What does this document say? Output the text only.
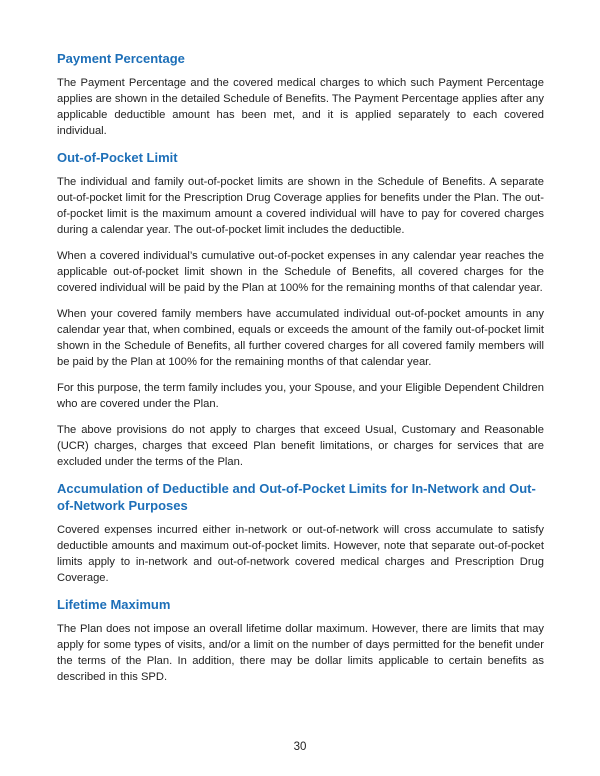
Payment Percentage

The Payment Percentage and the covered medical charges to which such Payment Percentage applies are shown in the detailed Schedule of Benefits. The Payment Percentage applies after any applicable deductible amount has been met, and it is applied separately to each covered individual.

Out-of-Pocket Limit

The individual and family out-of-pocket limits are shown in the Schedule of Benefits. A separate out-of-pocket limit for the Prescription Drug Coverage applies for benefits under the Plan. The out-of-pocket limit is the maximum amount a covered individual will have to pay for covered charges during a calendar year. The out-of-pocket limit includes the deductible.

When a covered individual’s cumulative out-of-pocket expenses in any calendar year reaches the applicable out-of-pocket limit shown in the Schedule of Benefits, all covered charges for the covered individual will be paid by the Plan at 100% for the remaining months of that calendar year.

When your covered family members have accumulated individual out-of-pocket amounts in any calendar year that, when combined, equals or exceeds the amount of the family out-of-pocket limit shown in the Schedule of Benefits, all further covered charges for all covered family members will be paid by the Plan at 100% for the remaining months of that calendar year.

For this purpose, the term family includes you, your Spouse, and your Eligible Dependent Children who are covered under the Plan.

The above provisions do not apply to charges that exceed Usual, Customary and Reasonable (UCR) charges, charges that exceed Plan benefit limitations, or charges for services that are excluded under the terms of the Plan.

Accumulation of Deductible and Out-of-Pocket Limits for In-Network and Out-of-Network Purposes

Covered expenses incurred either in-network or out-of-network will cross accumulate to satisfy deductible amounts and maximum out-of-pocket limits. However, note that separate out-of-pocket limits apply to in-network and out-of-network covered medical charges and Prescription Drug Coverage.

Lifetime Maximum

The Plan does not impose an overall lifetime dollar maximum. However, there are limits that may apply for some types of visits, and/or a limit on the number of days permitted for the benefit under the terms of the Plan. In addition, there may be dollar limits applicable to certain benefits as described in this SPD.

30
